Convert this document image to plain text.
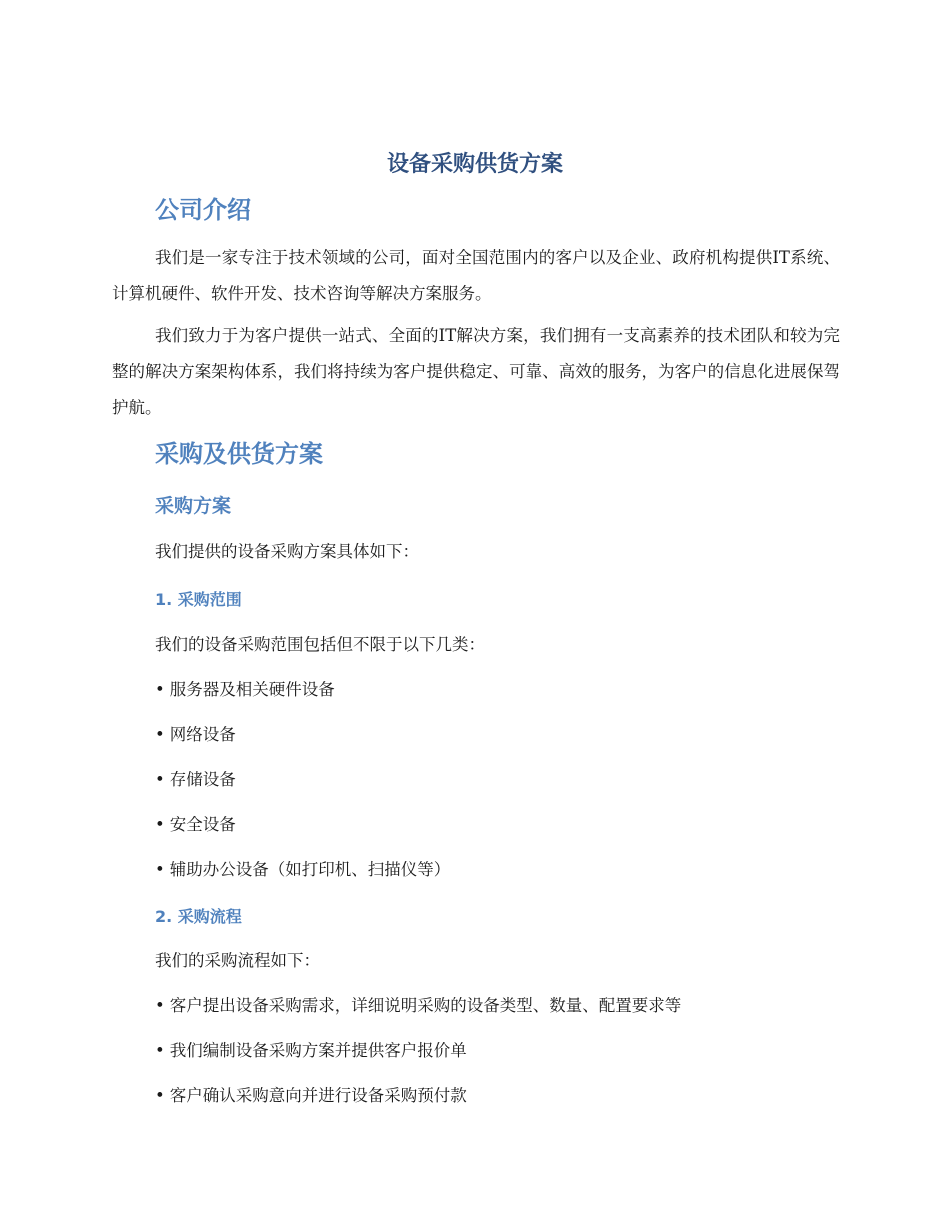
设备采购供货方案
公司介绍

我们是一家专注于技术领域的公司，面对全国范围内的客户以及企业、政府机构提供IT系统、计算机硬件、软件开发、技术咨询等解决方案服务。

我们致力于为客户提供一站式、全面的IT解决方案，我们拥有一支高素养的技术团队和较为完整的解决方案架构体系，我们将持续为客户提供稳定、可靠、高效的服务，为客户的信息化进展保驾护航。

采购及供货方案
采购方案

我们提供的设备采购方案具体如下：

1. 采购范围

我们的设备采购范围包括但不限于以下几类：

• 服务器及相关硬件设备

• 网络设备

• 存储设备

• 安全设备

• 辅助办公设备（如打印机、扫描仪等）

2. 采购流程

我们的采购流程如下：

• 客户提出设备采购需求，详细说明采购的设备类型、数量、配置要求等

• 我们编制设备采购方案并提供客户报价单

• 客户确认采购意向并进行设备采购预付款
